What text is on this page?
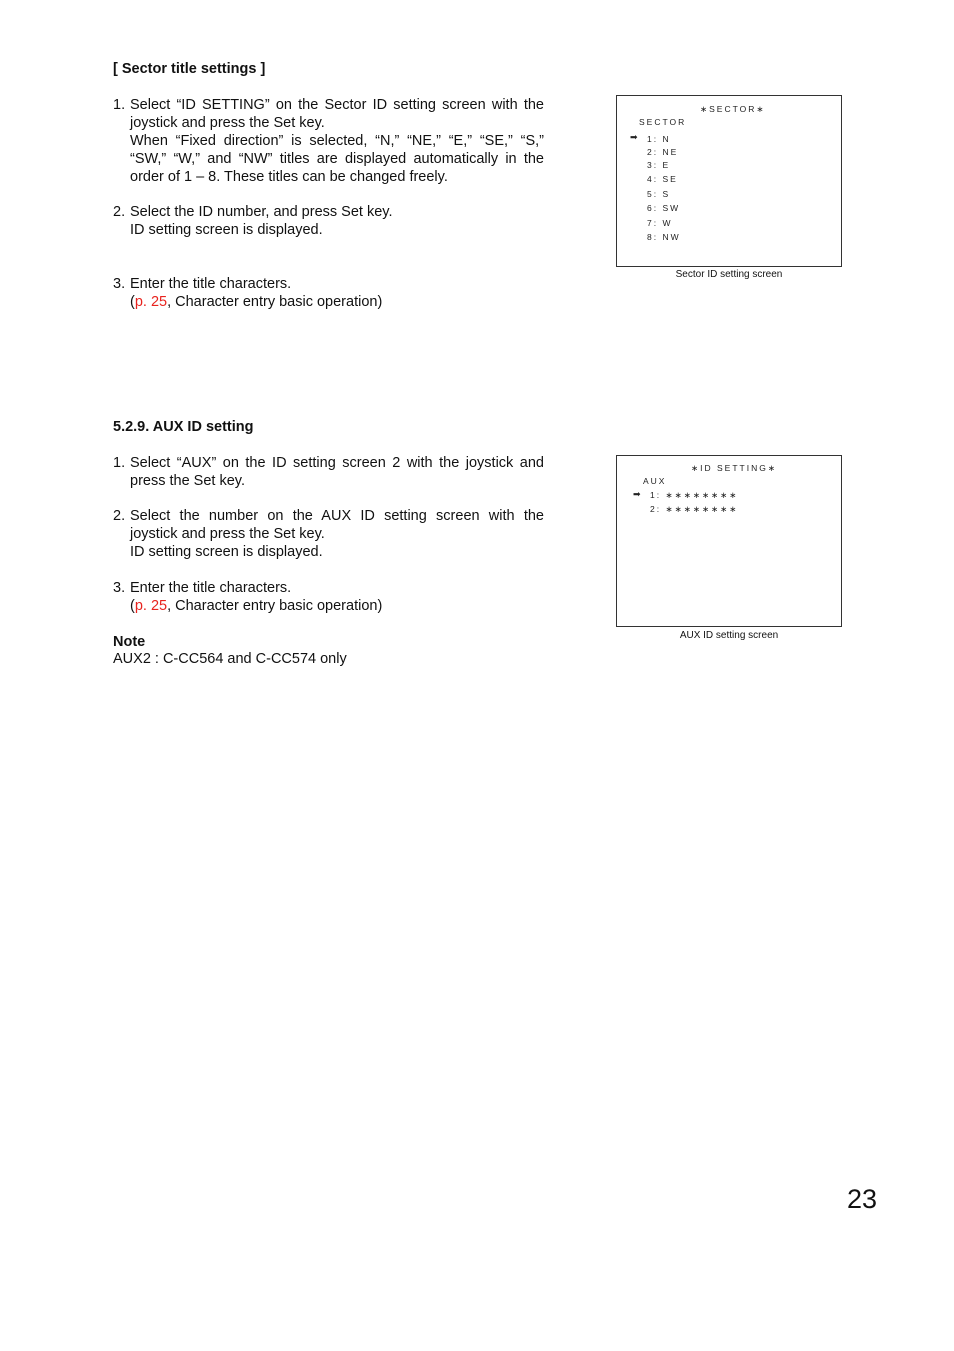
[ Sector title settings ]
1. Select “ID SETTING” on the Sector ID setting screen with the
joystick and press the Set key.
When “Fixed direction” is selected, “N,” “NE,” “E,” “SE,” “S,”
“SW,” “W,” and “NW” titles are displayed automatically in the
order of 1 – 8. These titles can be changed freely.
2. Select the ID number, and press Set key.
ID setting screen is displayed.
3. Enter the title characters.
(p. 25, Character entry basic operation)
∗SECTOR∗
SECTOR
➡ 1: N
2: NE
3: E
4: SE
5: S
6: SW
7: W
8: NW
Sector ID setting screen
5.2.9. AUX ID setting
1. Select “AUX” on the ID setting screen 2 with the joystick and
press the Set key.
2. Select the number on the AUX ID setting screen with the
joystick and press the Set key.
ID setting screen is displayed.
3. Enter the title characters.
(p. 25, Character entry basic operation)
Note
AUX2 : C-CC564 and C-CC574 only
∗ID SETTING∗
AUX
➡ 1: ∗∗∗∗∗∗∗∗
2: ∗∗∗∗∗∗∗∗
AUX ID setting screen
23
